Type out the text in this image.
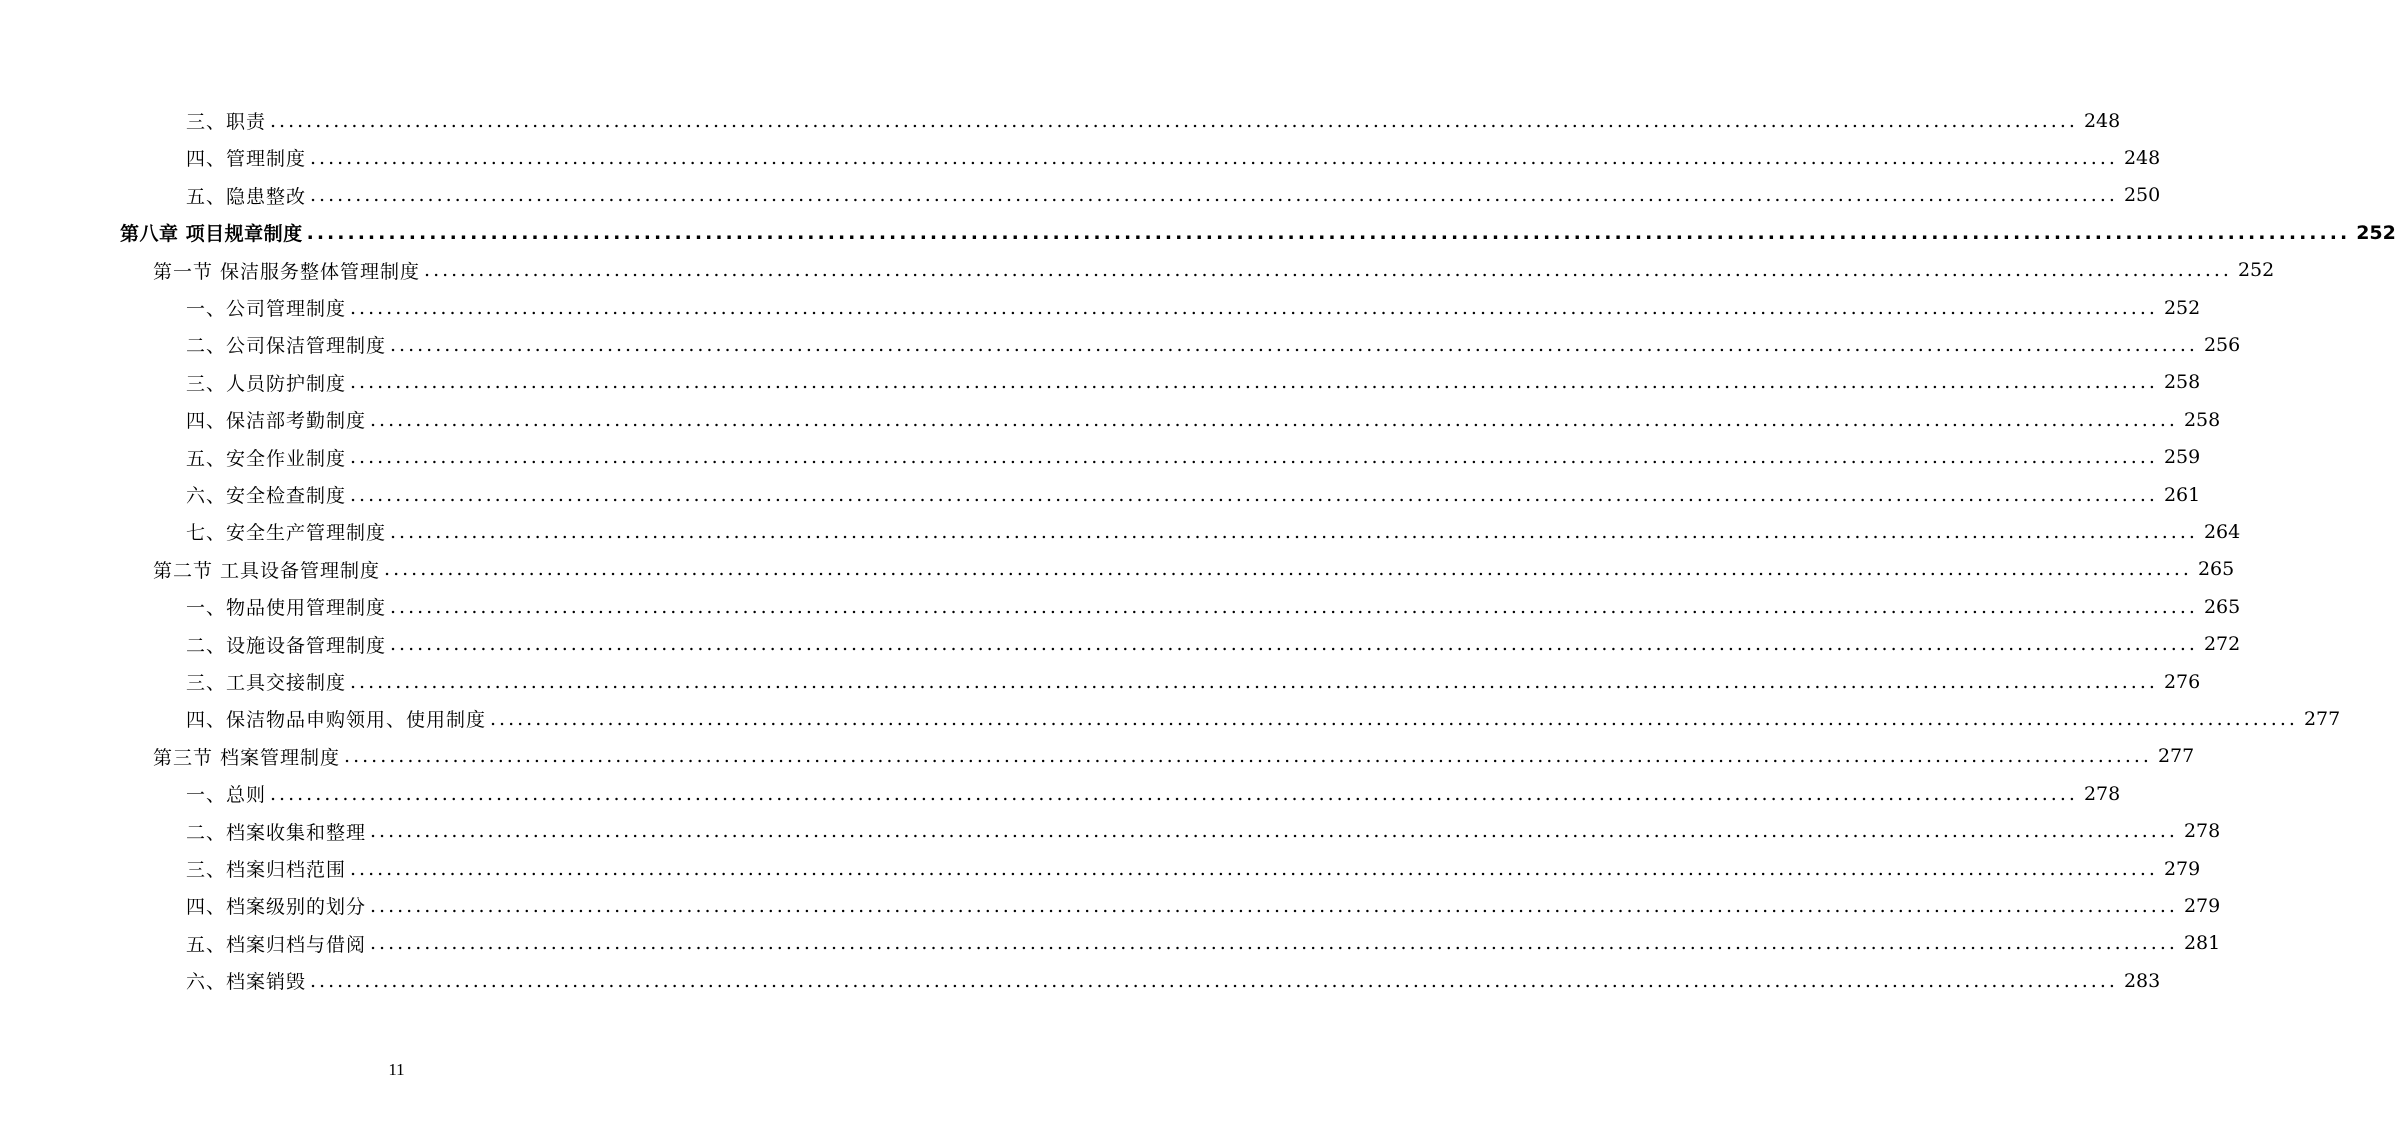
三、职责 ........................................................................................................................................................................................................ 248
四、管理制度 ........................................................................................................................................................................................................ 248
五、隐患整改 ........................................................................................................................................................................................................ 250
第八章 项目规章制度 ........................................................................................................................................................................................................ 252
第一节 保洁服务整体管理制度 ........................................................................................................................................................................................................ 252
一、公司管理制度 ........................................................................................................................................................................................................ 252
二、公司保洁管理制度 ........................................................................................................................................................................................................ 256
三、人员防护制度 ........................................................................................................................................................................................................ 258
四、保洁部考勤制度 ........................................................................................................................................................................................................ 258
五、安全作业制度 ........................................................................................................................................................................................................ 259
六、安全检查制度 ........................................................................................................................................................................................................ 261
七、安全生产管理制度 ........................................................................................................................................................................................................ 264
第二节 工具设备管理制度 ........................................................................................................................................................................................................ 265
一、物品使用管理制度 ........................................................................................................................................................................................................ 265
二、设施设备管理制度 ........................................................................................................................................................................................................ 272
三、工具交接制度 ........................................................................................................................................................................................................ 276
四、保洁物品申购领用、使用制度 ........................................................................................................................................................................................................ 277
第三节 档案管理制度 ........................................................................................................................................................................................................ 277
一、总则 ........................................................................................................................................................................................................ 278
二、档案收集和整理 ........................................................................................................................................................................................................ 278
三、档案归档范围 ........................................................................................................................................................................................................ 279
四、档案级别的划分 ........................................................................................................................................................................................................ 279
五、档案归档与借阅 ........................................................................................................................................................................................................ 281
六、档案销毁 ........................................................................................................................................................................................................ 283
11
